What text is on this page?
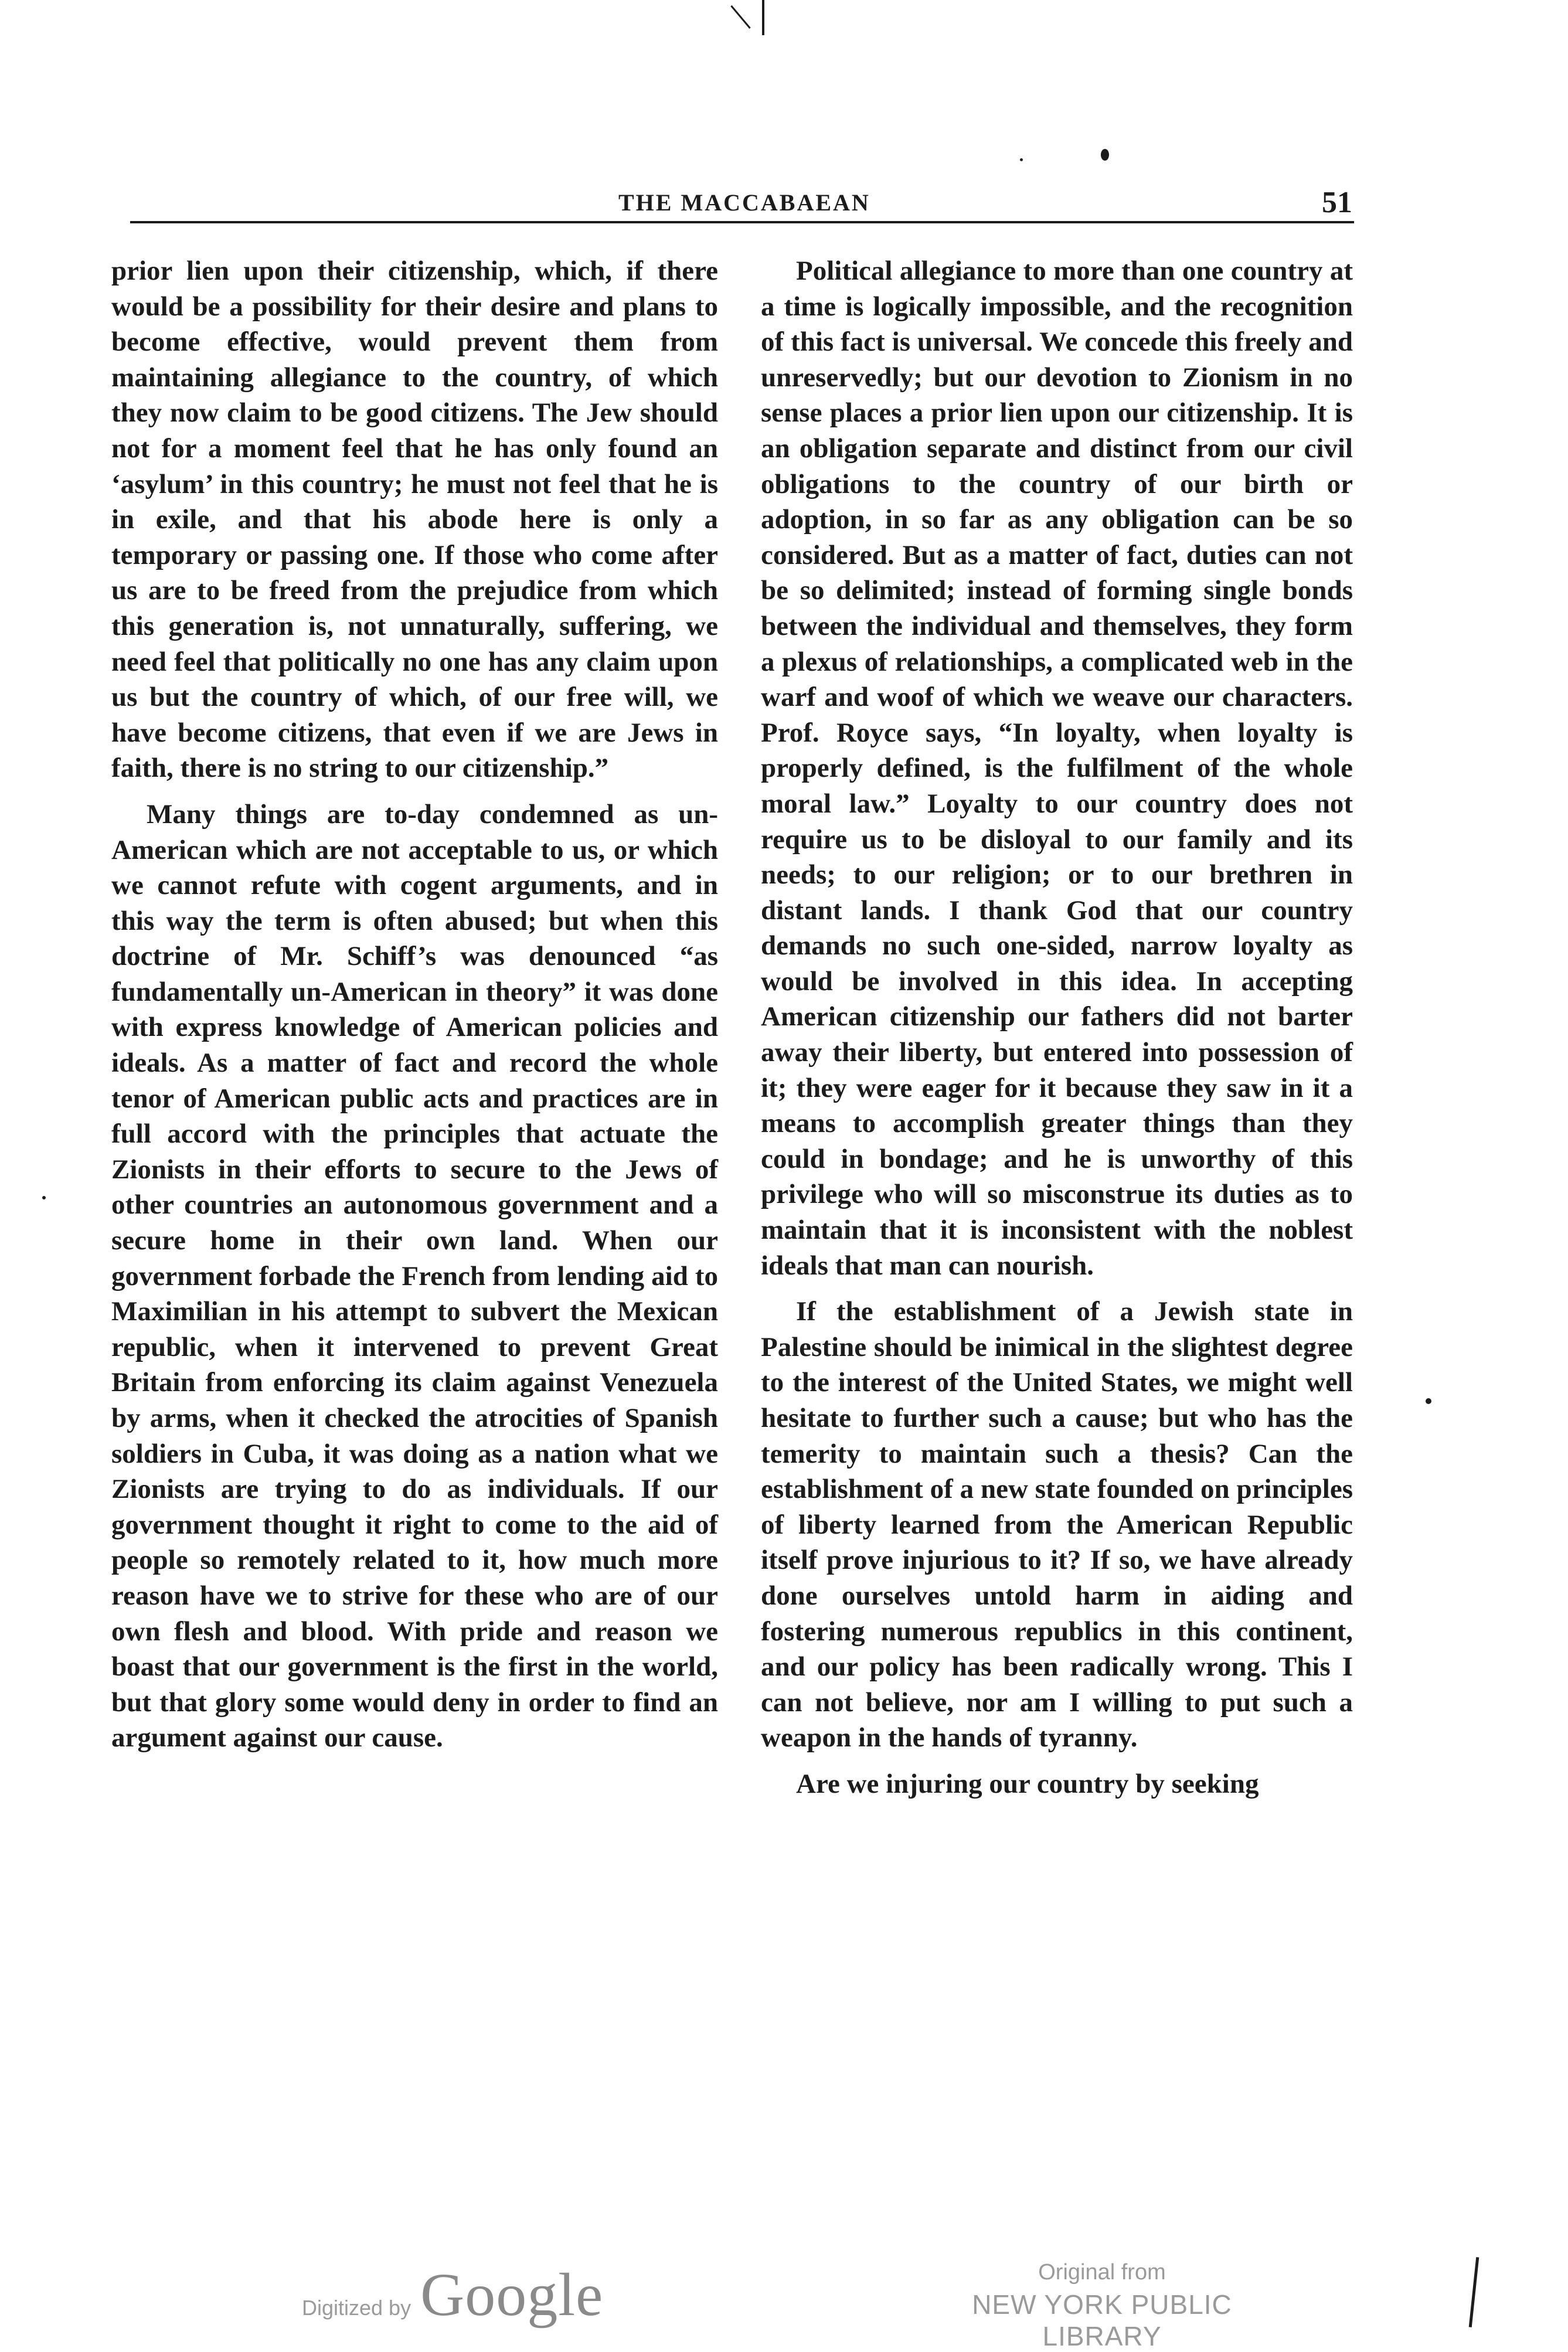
THE MACCABAEAN	51

prior lien upon their citizenship, which, if there would be a possibility for their desire and plans to become effective, would prevent them from maintaining allegiance to the country, of which they now claim to be good citizens. The Jew should not for a moment feel that he has only found an ‘asylum’ in this country; he must not feel that he is in exile, and that his abode here is only a temporary or passing one. If those who come after us are to be freed from the prejudice from which this generation is, not unnaturally, suffering, we need feel that politically no one has any claim upon us but the country of which, of our free will, we have become citizens, that even if we are Jews in faith, there is no string to our citizenship.”

Many things are to-day condemned as un-American which are not acceptable to us, or which we cannot refute with cogent arguments, and in this way the term is often abused; but when this doctrine of Mr. Schiff’s was denounced “as fundamentally un-American in theory” it was done with express knowledge of American policies and ideals. As a matter of fact and record the whole tenor of American public acts and practices are in full accord with the principles that actuate the Zionists in their efforts to secure to the Jews of other countries an autonomous government and a secure home in their own land. When our government forbade the French from lending aid to Maximilian in his attempt to subvert the Mexican republic, when it intervened to prevent Great Britain from enforcing its claim against Venezuela by arms, when it checked the atrocities of Spanish soldiers in Cuba, it was doing as a nation what we Zionists are trying to do as individuals. If our government thought it right to come to the aid of people so remotely related to it, how much more reason have we to strive for these who are of our own flesh and blood. With pride and reason we boast that our government is the first in the world, but that glory some would deny in order to find an argument against our cause.

Political allegiance to more than one country at a time is logically impossible, and the recognition of this fact is universal. We concede this freely and unreservedly; but our devotion to Zionism in no sense places a prior lien upon our citizenship. It is an obligation separate and distinct from our civil obligations to the country of our birth or adoption, in so far as any obligation can be so considered. But as a matter of fact, duties can not be so delimited; instead of forming single bonds between the individual and themselves, they form a plexus of relationships, a complicated web in the warf and woof of which we weave our characters. Prof. Royce says, “In loyalty, when loyalty is properly defined, is the fulfilment of the whole moral law.” Loyalty to our country does not require us to be disloyal to our family and its needs; to our religion; or to our brethren in distant lands. I thank God that our country demands no such one-sided, narrow loyalty as would be involved in this idea. In accepting American citizenship our fathers did not barter away their liberty, but entered into possession of it; they were eager for it because they saw in it a means to accomplish greater things than they could in bondage; and he is unworthy of this privilege who will so misconstrue its duties as to maintain that it is inconsistent with the noblest ideals that man can nourish.

If the establishment of a Jewish state in Palestine should be inimical in the slightest degree to the interest of the United States, we might well hesitate to further such a cause; but who has the temerity to maintain such a thesis? Can the establishment of a new state founded on principles of liberty learned from the American Republic itself prove injurious to it? If so, we have already done ourselves untold harm in aiding and fostering numerous republics in this continent, and our policy has been radically wrong. This I can not believe, nor am I willing to put such a weapon in the hands of tyranny.

Are we injuring our country by seeking

Digitized by Google	Original from
NEW YORK PUBLIC LIBRARY
